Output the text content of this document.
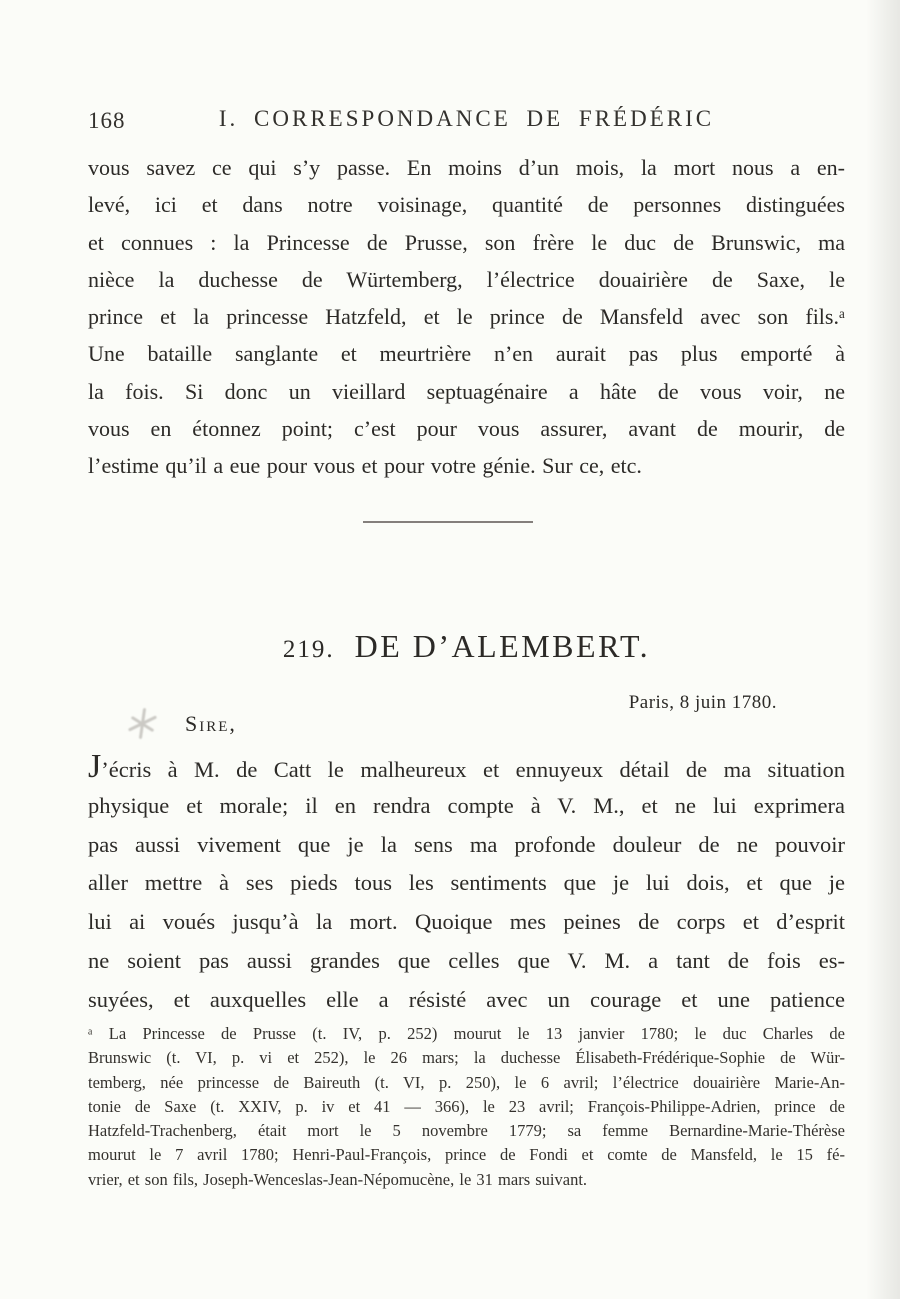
168	I. CORRESPONDANCE DE FRÉDÉRIC
vous savez ce qui s’y passe. En moins d’un mois, la mort nous a en-
levé, ici et dans notre voisinage, quantité de personnes distinguées
et connues : la Princesse de Prusse, son frère le duc de Brunswic, ma
nièce la duchesse de Würtemberg, l’électrice douairière de Saxe, le
prince et la princesse Hatzfeld, et le prince de Mansfeld avec son fils.ᵃ
Une bataille sanglante et meurtrière n’en aurait pas plus emporté à
la fois. Si donc un vieillard septuagénaire a hâte de vous voir, ne
vous en étonnez point; c’est pour vous assurer, avant de mourir, de
l’estime qu’il a eue pour vous et pour votre génie. Sur ce, etc.
219. DE D’ALEMBERT.
Paris, 8 juin 1780.
Sire,
J’écris à M. de Catt le malheureux et ennuyeux détail de ma situation
physique et morale; il en rendra compte à V. M., et ne lui exprimera
pas aussi vivement que je la sens ma profonde douleur de ne pouvoir
aller mettre à ses pieds tous les sentiments que je lui dois, et que je
lui ai voués jusqu’à la mort. Quoique mes peines de corps et d’esprit
ne soient pas aussi grandes que celles que V. M. a tant de fois es-
suyées, et auxquelles elle a résisté avec un courage et une patience
ᵃ La Princesse de Prusse (t. IV, p. 252) mourut le 13 janvier 1780; le duc Charles de
Brunswic (t. VI, p. vi et 252), le 26 mars; la duchesse Élisabeth-Frédérique-Sophie de Wür-
temberg, née princesse de Baireuth (t. VI, p. 250), le 6 avril; l’électrice douairière Marie-An-
tonie de Saxe (t. XXIV, p. iv et 41 — 366), le 23 avril; François-Philippe-Adrien, prince de
Hatzfeld-Trachenberg, était mort le 5 novembre 1779; sa femme Bernardine-Marie-Thérèse
mourut le 7 avril 1780; Henri-Paul-François, prince de Fondi et comte de Mansfeld, le 15 fé-
vrier, et son fils, Joseph-Wenceslas-Jean-Népomucène, le 31 mars suivant.
